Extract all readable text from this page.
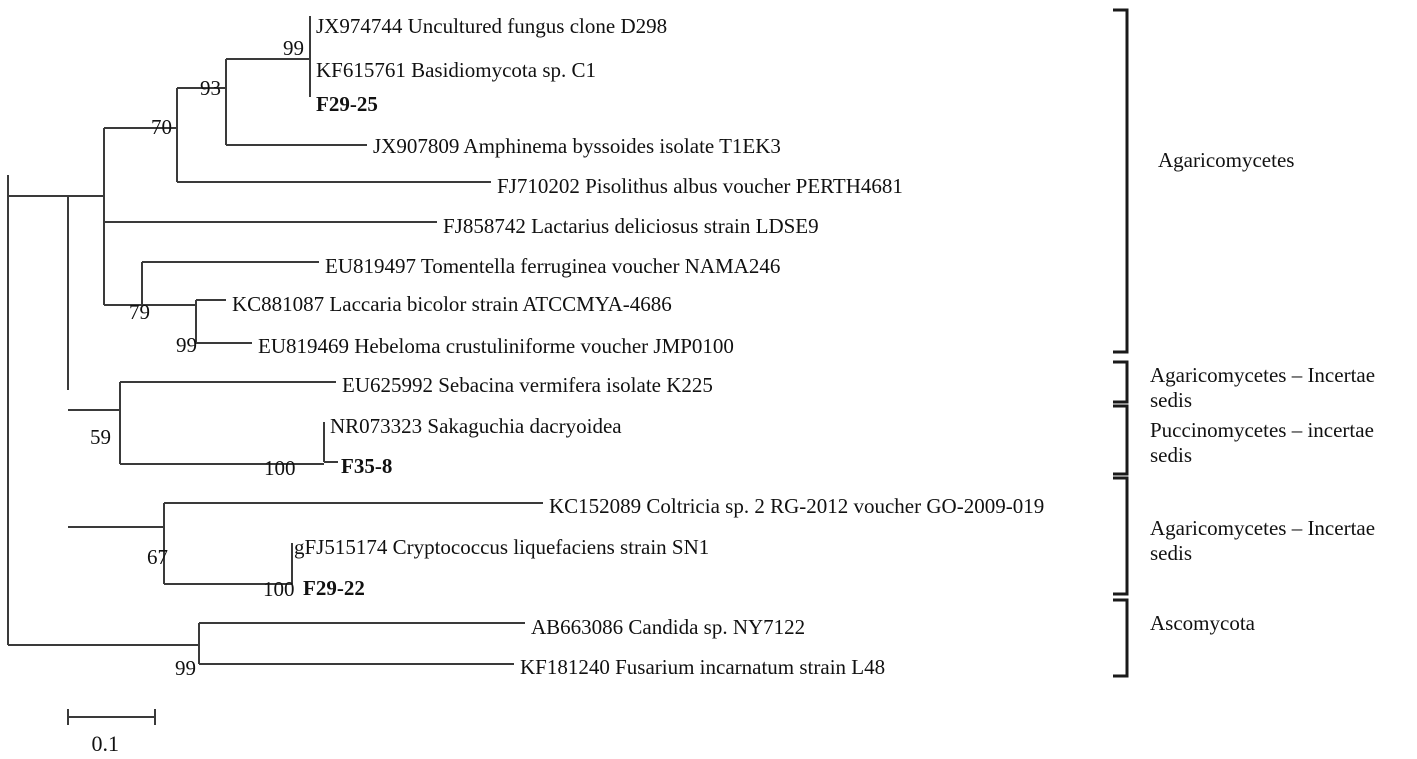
JX974744 Uncultured fungus clone D298
KF615761 Basidiomycota sp. C1
F29-25
JX907809 Amphinema byssoides isolate T1EK3
FJ710202 Pisolithus albus voucher PERTH4681
FJ858742 Lactarius deliciosus strain LDSE9
EU819497 Tomentella ferruginea voucher NAMA246
KC881087 Laccaria bicolor strain ATCCMYA-4686
EU819469 Hebeloma crustuliniforme voucher JMP0100
EU625992 Sebacina vermifera isolate K225
NR073323 Sakaguchia dacryoidea
F35-8
KC152089 Coltricia sp. 2 RG-2012 voucher GO-2009-019
gFJ515174 Cryptococcus liquefaciens strain SN1
F29-22
AB663086 Candida sp. NY7122
KF181240 Fusarium incarnatum strain L48
99
93
70
79
99
59
100
67
100
99
Agaricomycetes
Agaricomycetes – Incertae sedis
Puccinomycetes – incertae sedis
Agaricomycetes – Incertae sedis
Ascomycota
0.1
